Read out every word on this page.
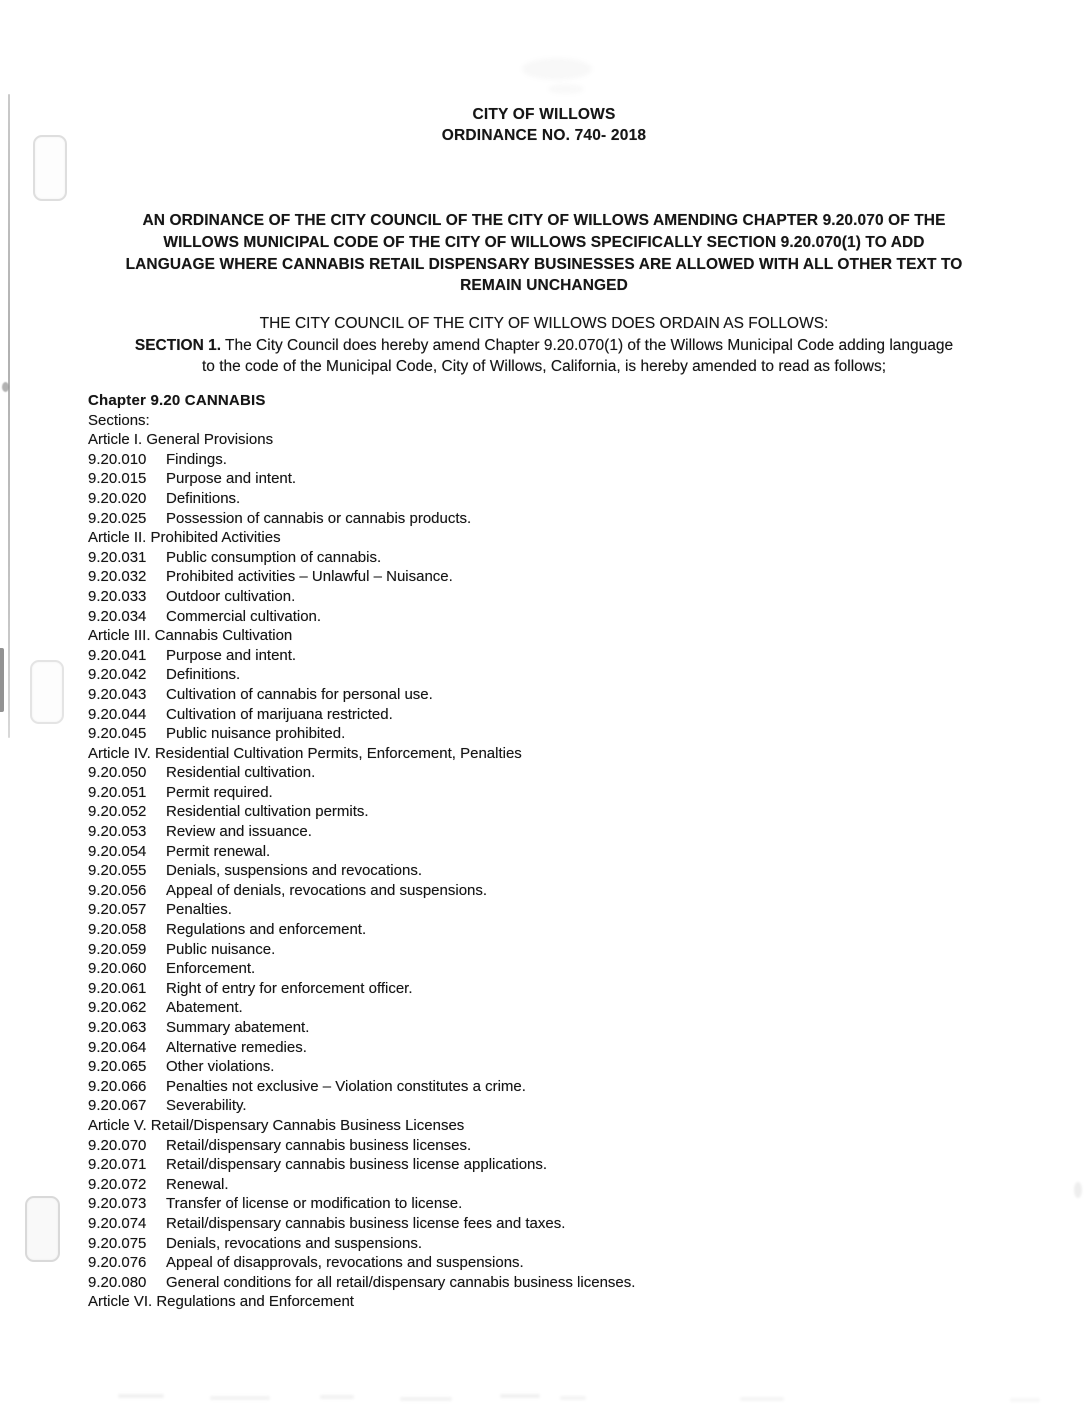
CITY OF WILLOWS
ORDINANCE NO. 740- 2018
AN ORDINANCE OF THE CITY COUNCIL OF THE CITY OF WILLOWS AMENDING CHAPTER 9.20.070 OF THE
WILLOWS MUNICIPAL CODE OF THE CITY OF WILLOWS SPECIFICALLY SECTION 9.20.070(1) TO ADD
LANGUAGE WHERE CANNABIS RETAIL DISPENSARY BUSINESSES ARE ALLOWED WITH ALL OTHER TEXT TO
REMAIN UNCHANGED
THE CITY COUNCIL OF THE CITY OF WILLOWS DOES ORDAIN AS FOLLOWS:
SECTION 1. The City Council does hereby amend Chapter 9.20.070(1) of the Willows Municipal Code adding language
to the code of the Municipal Code, City of Willows, California, is hereby amended to read as follows;
Chapter 9.20 CANNABIS
Sections:
Article I. General Provisions
9.20.010	Findings.
9.20.015	Purpose and intent.
9.20.020	Definitions.
9.20.025	Possession of cannabis or cannabis products.
Article II. Prohibited Activities
9.20.031	Public consumption of cannabis.
9.20.032	Prohibited activities – Unlawful – Nuisance.
9.20.033	Outdoor cultivation.
9.20.034	Commercial cultivation.
Article III. Cannabis Cultivation
9.20.041	Purpose and intent.
9.20.042	Definitions.
9.20.043	Cultivation of cannabis for personal use.
9.20.044	Cultivation of marijuana restricted.
9.20.045	Public nuisance prohibited.
Article IV. Residential Cultivation Permits, Enforcement, Penalties
9.20.050	Residential cultivation.
9.20.051	Permit required.
9.20.052	Residential cultivation permits.
9.20.053	Review and issuance.
9.20.054	Permit renewal.
9.20.055	Denials, suspensions and revocations.
9.20.056	Appeal of denials, revocations and suspensions.
9.20.057	Penalties.
9.20.058	Regulations and enforcement.
9.20.059	Public nuisance.
9.20.060	Enforcement.
9.20.061	Right of entry for enforcement officer.
9.20.062	Abatement.
9.20.063	Summary abatement.
9.20.064	Alternative remedies.
9.20.065	Other violations.
9.20.066	Penalties not exclusive – Violation constitutes a crime.
9.20.067	Severability.
Article V. Retail/Dispensary Cannabis Business Licenses
9.20.070	Retail/dispensary cannabis business licenses.
9.20.071	Retail/dispensary cannabis business license applications.
9.20.072	Renewal.
9.20.073	Transfer of license or modification to license.
9.20.074	Retail/dispensary cannabis business license fees and taxes.
9.20.075	Denials, revocations and suspensions.
9.20.076	Appeal of disapprovals, revocations and suspensions.
9.20.080	General conditions for all retail/dispensary cannabis business licenses.
Article VI. Regulations and Enforcement
